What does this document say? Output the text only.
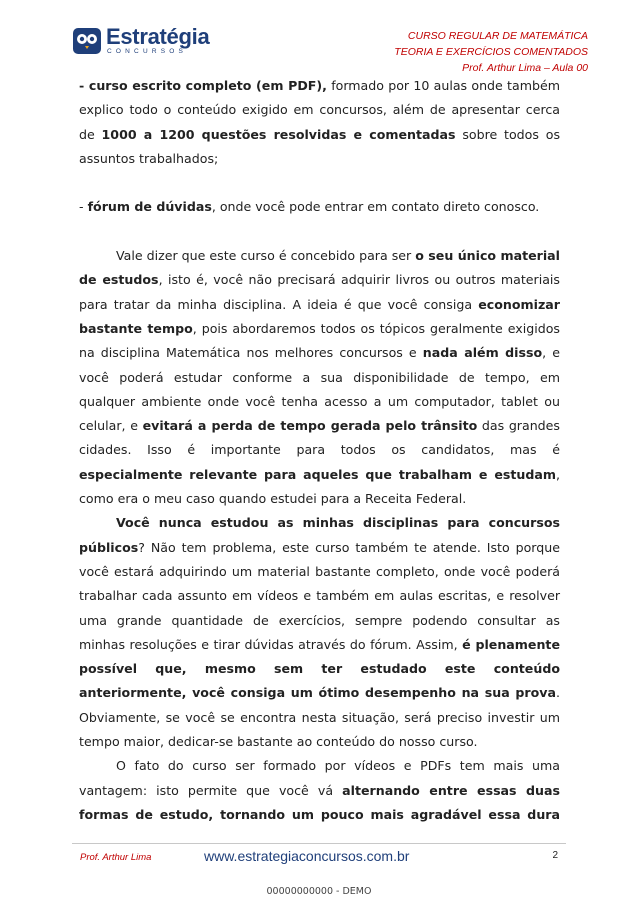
Estratégia
CONCURSOS
CURSO REGULAR DE MATEMÁTICA
TEORIA E EXERCÍCIOS COMENTADOS
Prof. Arthur Lima – Aula 00

- curso escrito completo (em PDF), formado por 10 aulas onde também explico todo o conteúdo exigido em concursos, além de apresentar cerca de 1000 a 1200 questões resolvidas e comentadas sobre todos os assuntos trabalhados;

- fórum de dúvidas, onde você pode entrar em contato direto conosco.

Vale dizer que este curso é concebido para ser o seu único material de estudos, isto é, você não precisará adquirir livros ou outros materiais para tratar da minha disciplina. A ideia é que você consiga economizar bastante tempo, pois abordaremos todos os tópicos geralmente exigidos na disciplina Matemática nos melhores concursos e nada além disso, e você poderá estudar conforme a sua disponibilidade de tempo, em qualquer ambiente onde você tenha acesso a um computador, tablet ou celular, e evitará a perda de tempo gerada pelo trânsito das grandes cidades. Isso é importante para todos os candidatos, mas é especialmente relevante para aqueles que trabalham e estudam, como era o meu caso quando estudei para a Receita Federal.

Você nunca estudou as minhas disciplinas para concursos públicos? Não tem problema, este curso também te atende. Isto porque você estará adquirindo um material bastante completo, onde você poderá trabalhar cada assunto em vídeos e também em aulas escritas, e resolver uma grande quantidade de exercícios, sempre podendo consultar as minhas resoluções e tirar dúvidas através do fórum. Assim, é plenamente possível que, mesmo sem ter estudado este conteúdo anteriormente, você consiga um ótimo desempenho na sua prova. Obviamente, se você se encontra nesta situação, será preciso investir um tempo maior, dedicar-se bastante ao conteúdo do nosso curso.

O fato do curso ser formado por vídeos e PDFs tem mais uma vantagem: isto permite que você vá alternando entre essas duas formas de estudo, tornando um pouco mais agradável essa dura

Prof. Arthur Lima	www.estrategiaconcursos.com.br	2
00000000000 - DEMO
